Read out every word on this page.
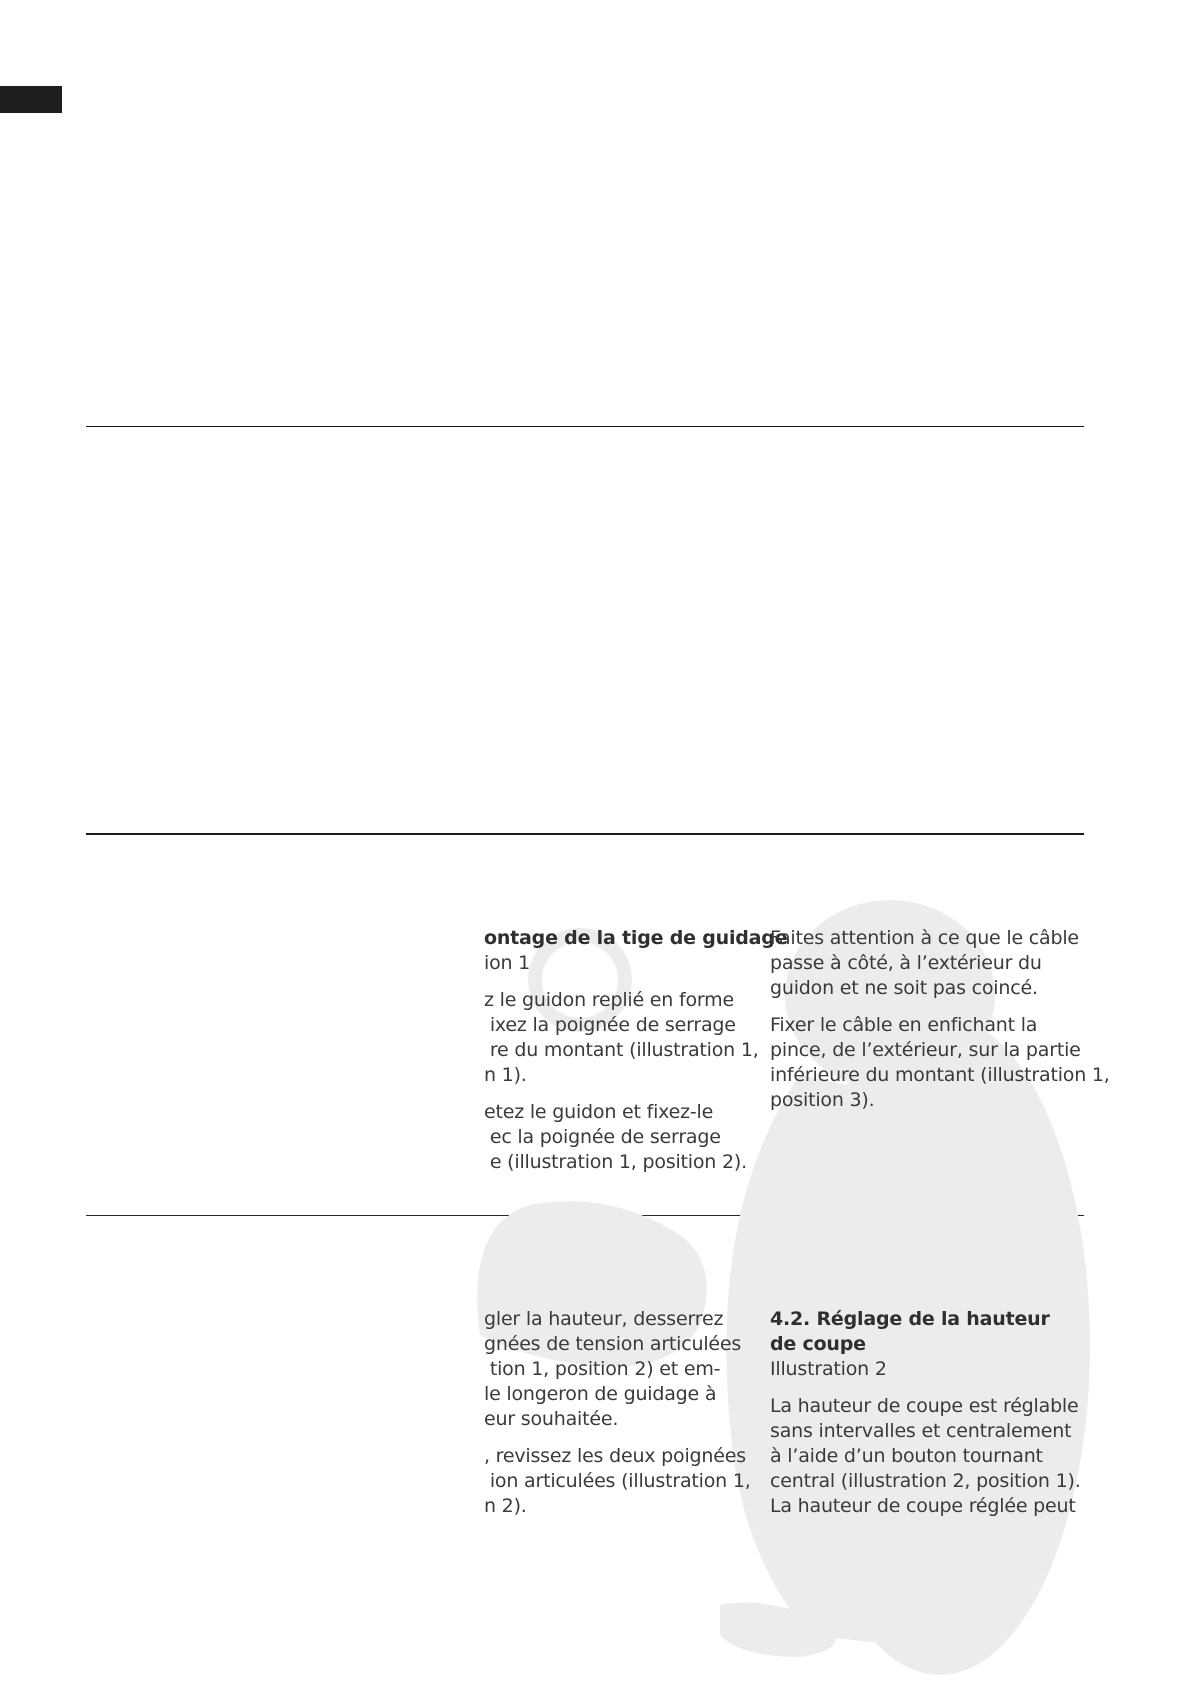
ontage de la tige de guidage

ion 1

z le guidon replié en forme
ixez la poignée de serrage
re du montant (illustration 1,
n 1).

etez le guidon et fixez-le
ec la poignée de serrage
e (illustration 1, position 2).

Faites attention à ce que le câble
passe à côté, à l’extérieur du
guidon et ne soit pas coincé.

Fixer le câble en enfichant la
pince, de l’extérieur, sur la partie
inférieure du montant (illustration 1,
position 3).

gler la hauteur, desserrez
gnées de tension articulées
tion 1, position 2) et em-
le longeron de guidage à
eur souhaitée.

, revissez les deux poignées
ion articulées (illustration 1,
n 2).

4.2. Réglage de la hauteur
de coupe

Illustration 2

La hauteur de coupe est réglable
sans intervalles et centralement
à l’aide d’un bouton tournant
central (illustration 2, position 1).
La hauteur de coupe réglée peut
